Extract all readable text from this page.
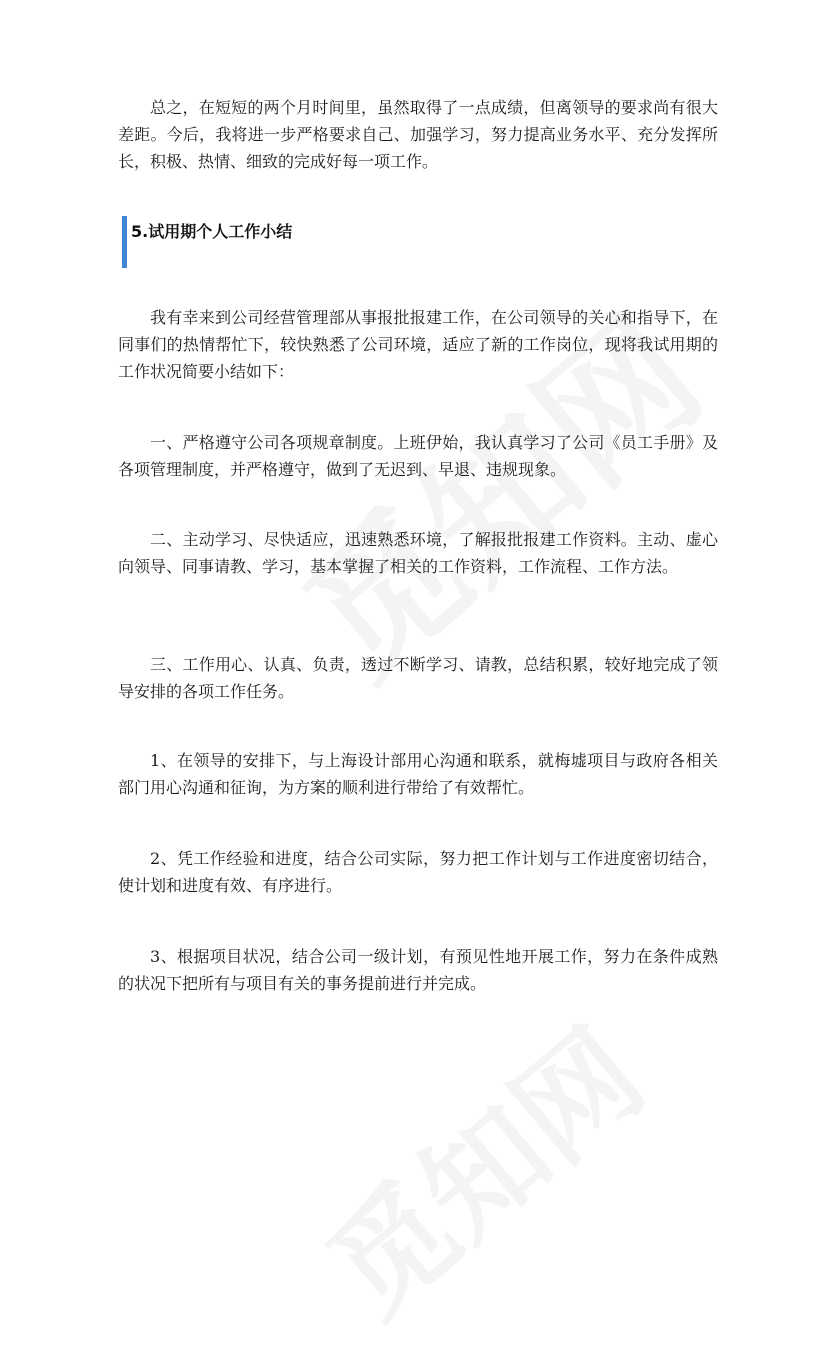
总之，在短短的两个月时间里，虽然取得了一点成绩，但离领导的要求尚有很大差距。今后，我将进一步严格要求自己、加强学习，努力提高业务水平、充分发挥所长，积极、热情、细致的完成好每一项工作。

5.试用期个人工作小结

我有幸来到公司经营管理部从事报批报建工作，在公司领导的关心和指导下，在同事们的热情帮忙下，较快熟悉了公司环境，适应了新的工作岗位，现将我试用期的工作状况简要小结如下：

一、严格遵守公司各项规章制度。上班伊始，我认真学习了公司《员工手册》及各项管理制度，并严格遵守，做到了无迟到、早退、违规现象。

二、主动学习、尽快适应，迅速熟悉环境，了解报批报建工作资料。主动、虚心向领导、同事请教、学习，基本掌握了相关的工作资料，工作流程、工作方法。

三、工作用心、认真、负责，透过不断学习、请教，总结积累，较好地完成了领导安排的各项工作任务。

1、在领导的安排下，与上海设计部用心沟通和联系，就梅墟项目与政府各相关部门用心沟通和征询，为方案的顺利进行带给了有效帮忙。

2、凭工作经验和进度，结合公司实际，努力把工作计划与工作进度密切结合，使计划和进度有效、有序进行。

3、根据项目状况，结合公司一级计划，有预见性地开展工作，努力在条件成熟的状况下把所有与项目有关的事务提前进行并完成。
